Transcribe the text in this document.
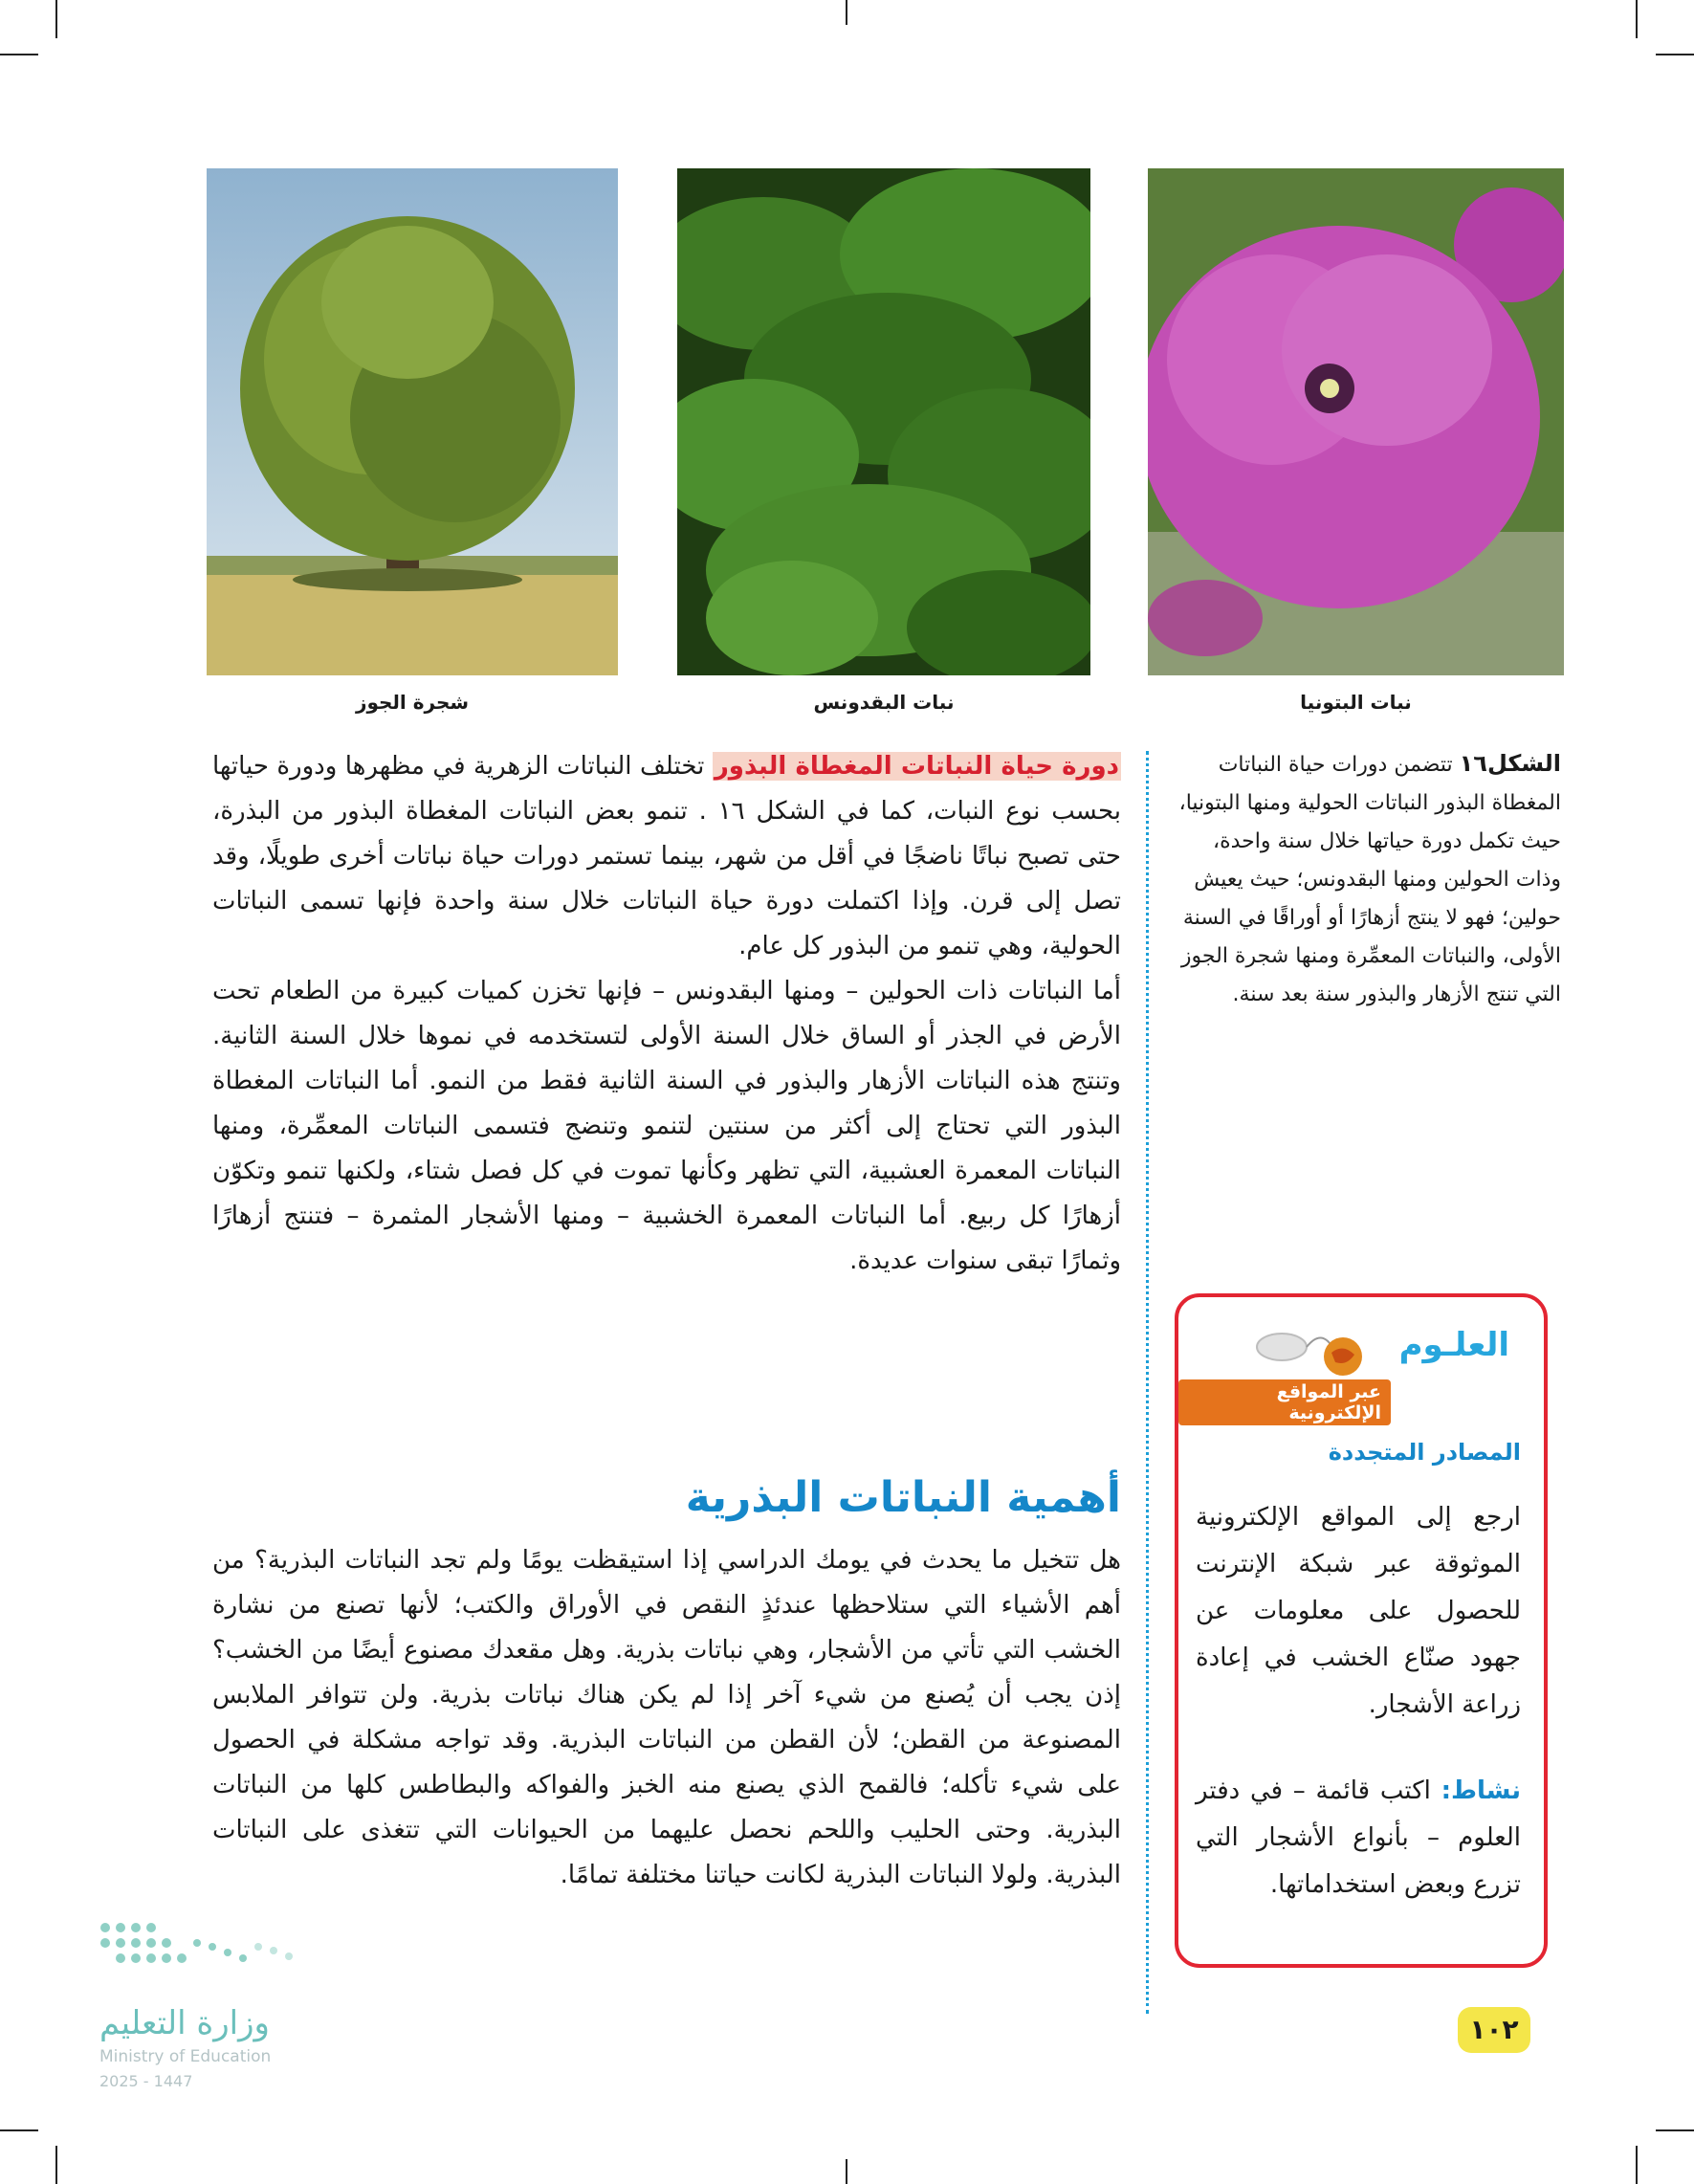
شجرة الجوز	نبات البقدونس	نبات البتونيا

دورة حياة النباتات المغطاة البذور تختلف النباتات الزهرية في مظهرها ودورة حياتها بحسب نوع النبات، كما في الشكل ١٦ . تنمو بعض النباتات المغطاة البذور من البذرة، حتى تصبح نباتًا ناضجًا في أقل من شهر، بينما تستمر دورات حياة نباتات أخرى طويلًا، وقد تصل إلى قرن. وإذا اكتملت دورة حياة النباتات خلال سنة واحدة فإنها تسمى النباتات الحولية، وهي تنمو من البذور كل عام.

أما النباتات ذات الحولين – ومنها البقدونس – فإنها تخزن كميات كبيرة من الطعام تحت الأرض في الجذر أو الساق خلال السنة الأولى لتستخدمه في نموها خلال السنة الثانية. وتنتج هذه النباتات الأزهار والبذور في السنة الثانية فقط من النمو. أما النباتات المغطاة البذور التي تحتاج إلى أكثر من سنتين لتنمو وتنضج فتسمى النباتات المعمِّرة، ومنها النباتات المعمرة العشبية، التي تظهر وكأنها تموت في كل فصل شتاء، ولكنها تنمو وتكوّن أزهارًا كل ربيع. أما النباتات المعمرة الخشبية – ومنها الأشجار المثمرة – فتنتج أزهارًا وثمارًا تبقى سنوات عديدة.

أهمية النباتات البذرية
هل تتخيل ما يحدث في يومك الدراسي إذا استيقظت يومًا ولم تجد النباتات البذرية؟ من أهم الأشياء التي ستلاحظها عندئذٍ النقص في الأوراق والكتب؛ لأنها تصنع من نشارة الخشب التي تأتي من الأشجار، وهي نباتات بذرية. وهل مقعدك مصنوع أيضًا من الخشب؟ إذن يجب أن يُصنع من شيء آخر إذا لم يكن هناك نباتات بذرية. ولن تتوافر الملابس المصنوعة من القطن؛ لأن القطن من النباتات البذرية. وقد تواجه مشكلة في الحصول على شيء تأكله؛ فالقمح الذي يصنع منه الخبز والفواكه والبطاطس كلها من النباتات البذرية. وحتى الحليب واللحم نحصل عليهما من الحيوانات التي تتغذى على النباتات البذرية. ولولا النباتات البذرية لكانت حياتنا مختلفة تمامًا.
الشكل١٦ تتضمن دورات حياة النباتات المغطاة البذور النباتات الحولية ومنها البتونيا، حيث تكمل دورة حياتها خلال سنة واحدة، وذات الحولين ومنها البقدونس؛ حيث يعيش حولين؛ فهو لا ينتج أزهارًا أو أوراقًا في السنة الأولى، والنباتات المعمِّرة ومنها شجرة الجوز التي تنتج الأزهار والبذور سنة بعد سنة.
العلـوم
عبر المواقع الإلكترونية
المصادر المتجددة
ارجع إلى المواقع الإلكترونية الموثوقة عبر شبكة الإنترنت للحصول على معلومات عن جهود صنّاع الخشب في إعادة زراعة الأشجار.
نشاط: اكتب قائمة – في دفتر العلوم – بأنواع الأشجار التي تزرع وبعض استخداماتها.
١٠٢
وزارة التعليم
Ministry of Education
2025 - 1447
